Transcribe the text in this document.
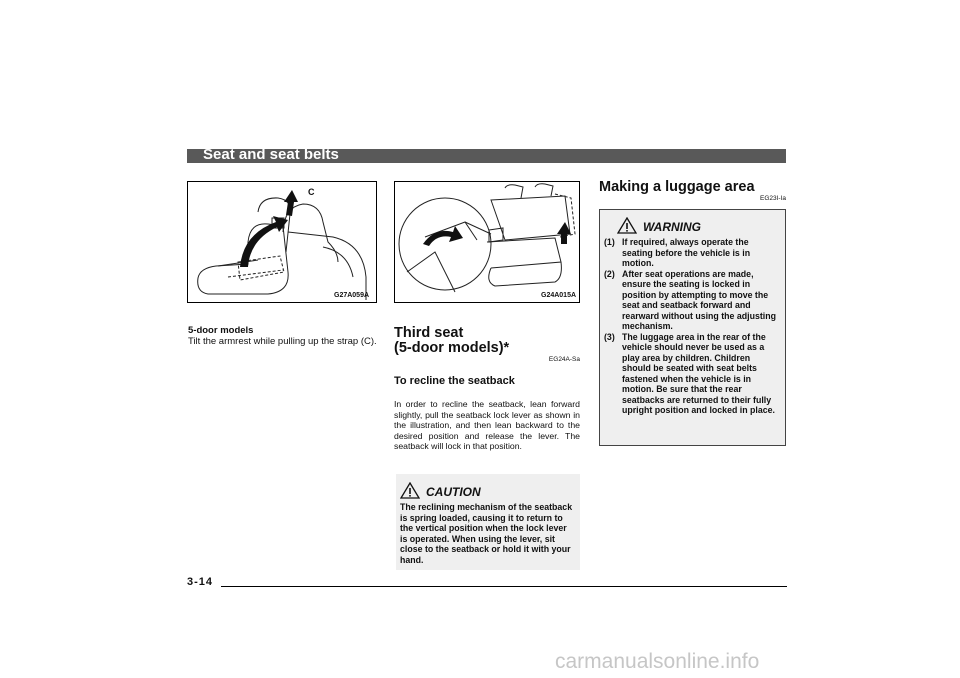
Seat and seat belts
C
G27A059A	G24A015A
5-door models
Tilt the armrest while pulling up the strap (C). Third seat
(5-door models)*
EG24A-Sa
To recline the seatback
In order to recline the seatback, lean forward slightly, pull the seatback lock lever as shown in the illustration, and then lean backward to the desired position and release the lever. The seatback will lock in that position.
CAUTION
The reclining mechanism of the seatback is spring loaded, causing it to return to the vertical position when the lock lever is operated. When using the lever, sit close to the seatback or hold it with your hand.
Making a luggage area
EG23I-Ia
WARNING
(1) If required, always operate the seating before the vehicle is in motion.
(2) After seat operations are made, ensure the seating is locked in position by attempting to move the seat and seatback forward and rearward without using the adjusting mechanism.
(3) The luggage area in the rear of the vehicle should never be used as a play area by children. Children should be seated with seat belts fastened when the vehicle is in motion. Be sure that the rear seatbacks are returned to their fully upright position and locked in place.
3-14
carmanualsonline.info
